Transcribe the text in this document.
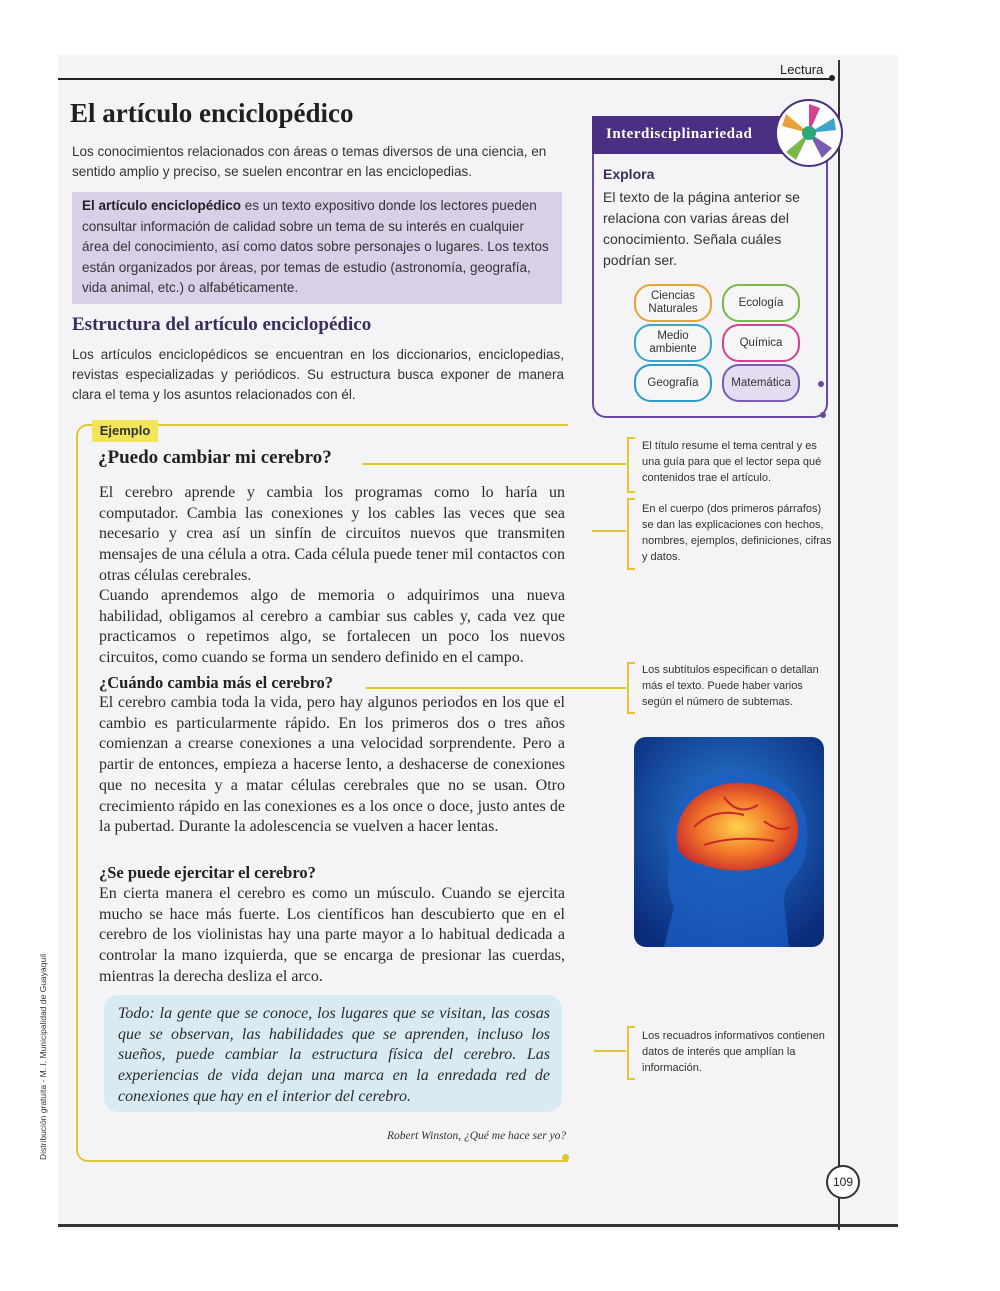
Lectura
El artículo enciclopédico
Los conocimientos relacionados con áreas o temas diversos de una ciencia, en sentido amplio y preciso, se suelen encontrar en las enciclopedias.
El artículo enciclopédico es un texto expositivo donde los lectores pueden consultar información de calidad sobre un tema de su interés en cualquier área del conocimiento, así como datos sobre personajes o lugares. Los textos están organizados por áreas, por temas de estudio (astronomía, geografía, vida animal, etc.) o alfabéticamente.
Estructura del artículo enciclopédico
Los artículos enciclopédicos se encuentran en los diccionarios, enciclopedias, revistas especializadas y periódicos. Su estructura busca exponer de manera clara el tema y los asuntos relacionados con él.
Ejemplo
¿Puedo cambiar mi cerebro?
El cerebro aprende y cambia los programas como lo haría un computador. Cambia las conexiones y los cables las veces que sea necesario y crea así un sinfín de circuitos nuevos que transmiten mensajes de una célula a otra. Cada célula puede tener mil contactos con otras células cerebrales.
Cuando aprendemos algo de memoria o adquirimos una nueva habilidad, obligamos al cerebro a cambiar sus cables y, cada vez que practicamos o repetimos algo, se fortalecen un poco los nuevos circuitos, como cuando se forma un sendero definido en el campo.
¿Cuándo cambia más el cerebro?
El cerebro cambia toda la vida, pero hay algunos periodos en los que el cambio es particularmente rápido. En los primeros dos o tres años comienzan a crearse conexiones a una velocidad sorprendente. Pero a partir de entonces, empieza a hacerse lento, a deshacerse de conexiones que no necesita y a matar células cerebrales que no se usan. Otro crecimiento rápido en las conexiones es a los once o doce, justo antes de la pubertad. Durante la adolescencia se vuelven a hacer lentas.
¿Se puede ejercitar el cerebro?
En cierta manera el cerebro es como un músculo. Cuando se ejercita mucho se hace más fuerte. Los científicos han descubierto que en el cerebro de los violinistas hay una parte mayor a lo habitual dedicada a controlar la mano izquierda, que se encarga de presionar las cuerdas, mientras la derecha desliza el arco.
Todo: la gente que se conoce, los lugares que se visitan, las cosas que se observan, las habilidades que se aprenden, incluso los sueños, puede cambiar la estructura física del cerebro. Las experiencias de vida dejan una marca en la enredada red de conexiones que hay en el interior del cerebro.
Robert Winston, ¿Qué me hace ser yo?
Interdisciplinariedad
Explora
El texto de la página anterior se relaciona con varias áreas del conocimiento. Señala cuáles podrían ser.
Ciencias Naturales
Ecología
Medio ambiente
Química
Geografía	Matemática
El título resume el tema central y es una guía para que el lector sepa qué contenidos trae el artículo.
En el cuerpo (dos primeros párrafos) se dan las explicaciones con hechos, nombres, ejemplos, definiciones, cifras y datos.
Los subtítulos especifican o detallan más el texto. Puede haber varios según el número de subtemas.
Los recuadros informativos contienen datos de interés que amplían la información.
Distribución gratuita - M. I. Municipalidad de Guayaquil
109
